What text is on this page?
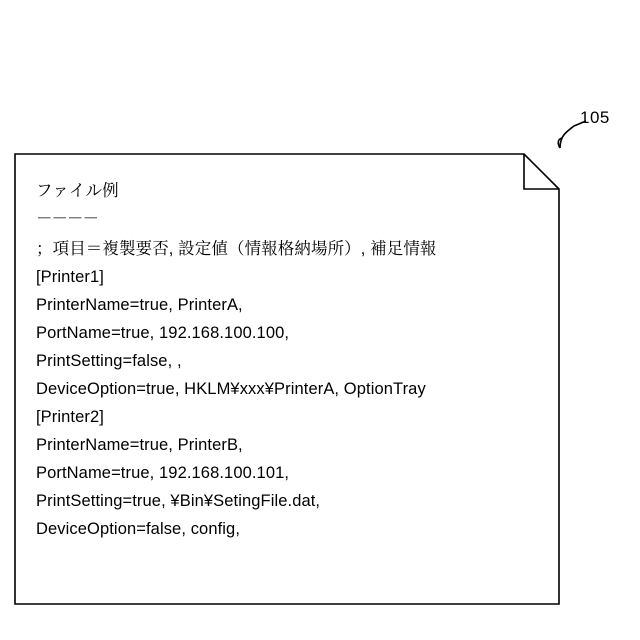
105
ファイル例
－－－－
；項目＝複製要否, 設定値（情報格納場所）, 補足情報
[Printer1]
PrinterName=true, PrinterA,
PortName=true, 192.168.100.100,
PrintSetting=false, ,
DeviceOption=true, HKLM¥xxx¥PrinterA, OptionTray
[Printer2]
PrinterName=true, PrinterB,
PortName=true, 192.168.100.101,
PrintSetting=true, ¥Bin¥SetingFile.dat,
DeviceOption=false, config,
